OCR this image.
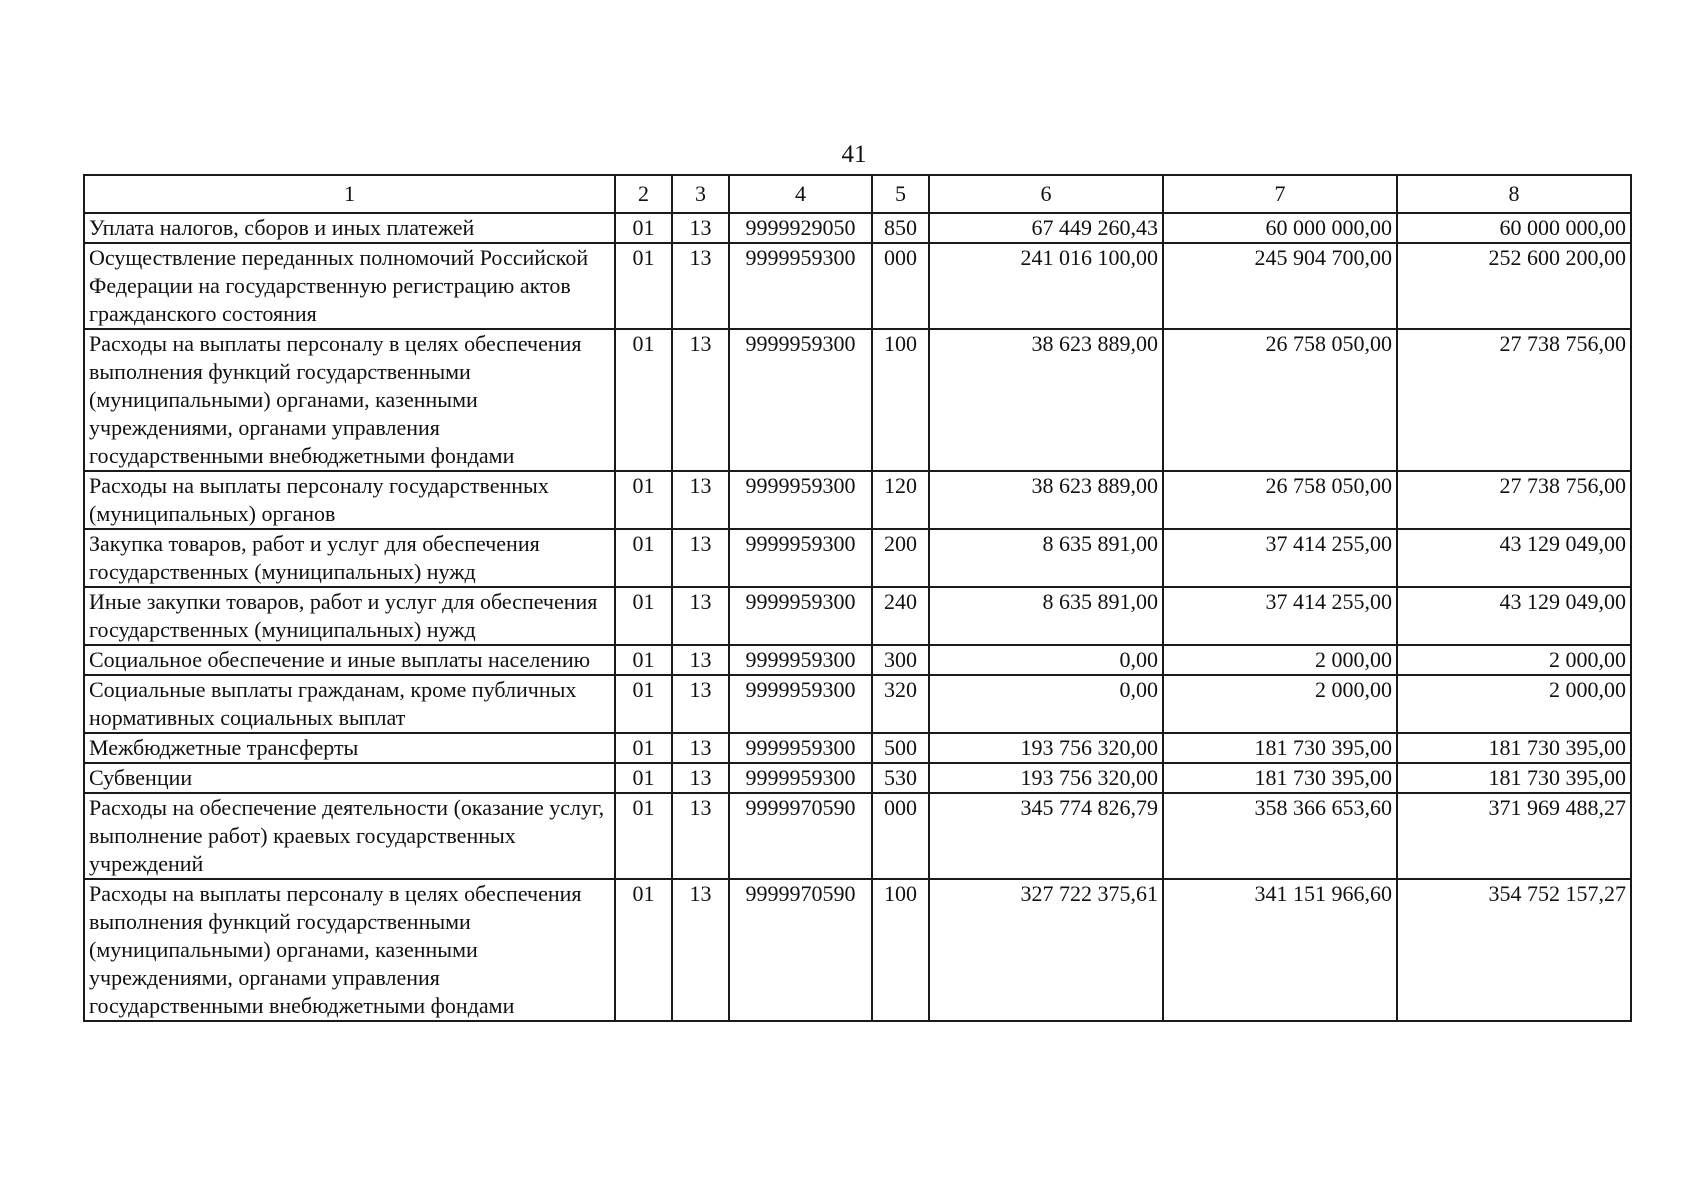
41
1	2	3	4	5	6	7	8
Уплата налогов, сборов и иных платежей	01	13	9999929050	850	67 449 260,43	60 000 000,00	60 000 000,00
Осуществление переданных полномочий Российской Федерации на государственную регистрацию актов гражданского состояния	01	13	9999959300	000	241 016 100,00	245 904 700,00	252 600 200,00
Расходы на выплаты персоналу в целях обеспечения выполнения функций государственными (муниципальными) органами, казенными учреждениями, органами управления государственными внебюджетными фондами	01	13	9999959300	100	38 623 889,00	26 758 050,00	27 738 756,00
Расходы на выплаты персоналу государственных (муниципальных) органов	01	13	9999959300	120	38 623 889,00	26 758 050,00	27 738 756,00
Закупка товаров, работ и услуг для обеспечения государственных (муниципальных) нужд	01	13	9999959300	200	8 635 891,00	37 414 255,00	43 129 049,00
Иные закупки товаров, работ и услуг для обеспечения государственных (муниципальных) нужд	01	13	9999959300	240	8 635 891,00	37 414 255,00	43 129 049,00
Социальное обеспечение и иные выплаты населению	01	13	9999959300	300	0,00	2 000,00	2 000,00
Социальные выплаты гражданам, кроме публичных нормативных социальных выплат	01	13	9999959300	320	0,00	2 000,00	2 000,00
Межбюджетные трансферты	01	13	9999959300	500	193 756 320,00	181 730 395,00	181 730 395,00
Субвенции	01	13	9999959300	530	193 756 320,00	181 730 395,00	181 730 395,00
Расходы на обеспечение деятельности (оказание услуг, выполнение работ) краевых государственных учреждений	01	13	9999970590	000	345 774 826,79	358 366 653,60	371 969 488,27
Расходы на выплаты персоналу в целях обеспечения выполнения функций государственными (муниципальными) органами, казенными учреждениями, органами управления государственными внебюджетными фондами	01	13	9999970590	100	327 722 375,61	341 151 966,60	354 752 157,27
